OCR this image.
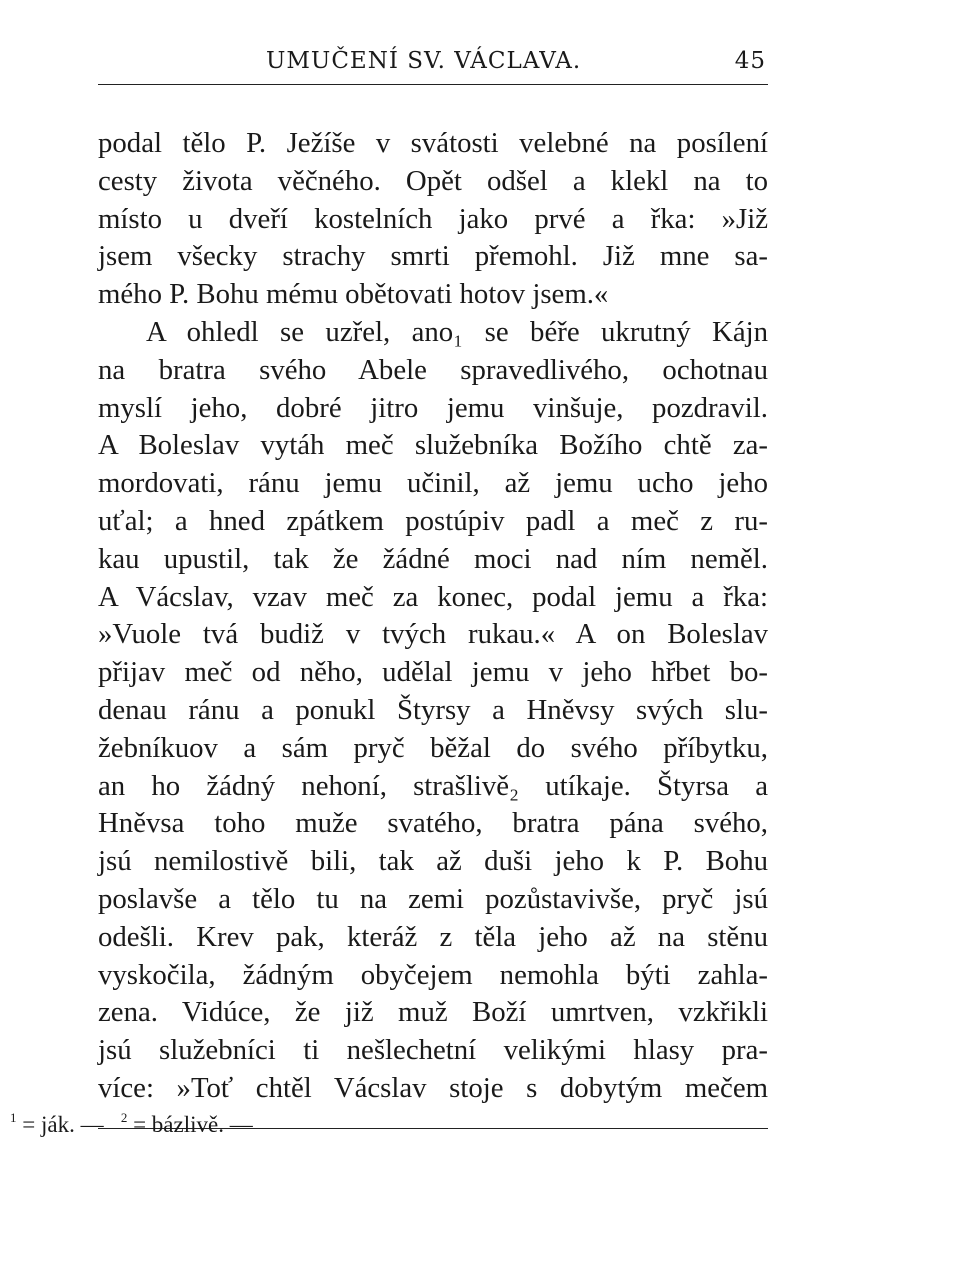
UMUČENÍ SV. VÁCLAVA.	45
podal tělo P. Ježíše v svátosti velebné na posílení
cesty života věčného. Opět odšel a klekl na to
místo u dveří kostelních jako prvé a řka: »Již
jsem všecky strachy smrti přemohl. Již mne sa-
mého P. Bohu mému obětovati hotov jsem.«
A ohledl se uzřel, ano₁ se béře ukrutný Kájn
na bratra svého Abele spravedlivého, ochotnau
myslí jeho, dobré jitro jemu vinšuje, pozdravil.
A Boleslav vytáh meč služebníka Božího chtě za-
mordovati, ránu jemu učinil, až jemu ucho jeho
uťal; a hned zpátkem postúpiv padl a meč z ru-
kau upustil, tak že žádné moci nad ním neměl.
A Vácslav, vzav meč za konec, podal jemu a řka:
»Vuole tvá budiž v tvých rukau.« A on Boleslav
přijav meč od něho, udělal jemu v jeho hřbet bo-
denau ránu a ponukl Štyrsy a Hněvsy svých slu-
žebníkuov a sám pryč běžal do svého příbytku,
an ho žádný nehoní, strašlivě₂ utíkaje. Štyrsa a
Hněvsa toho muže svatého, bratra pána svého,
jsú nemilostivě bili, tak až duši jeho k P. Bohu
poslavše a tělo tu na zemi pozůstavivše, pryč jsú
odešli. Krev pak, kteráž z těla jeho až na stěnu
vyskočila, žádným obyčejem nemohla býti zahla-
zena. Vidúce, že již muž Boží umrtven, vzkřikli
jsú služebníci ti nešlechetní velikými hlasy pra-
více: »Toť chtěl Vácslav stoje s dobytým mečem
$^1$ = ják. — $^2$ = bázlivě. —
